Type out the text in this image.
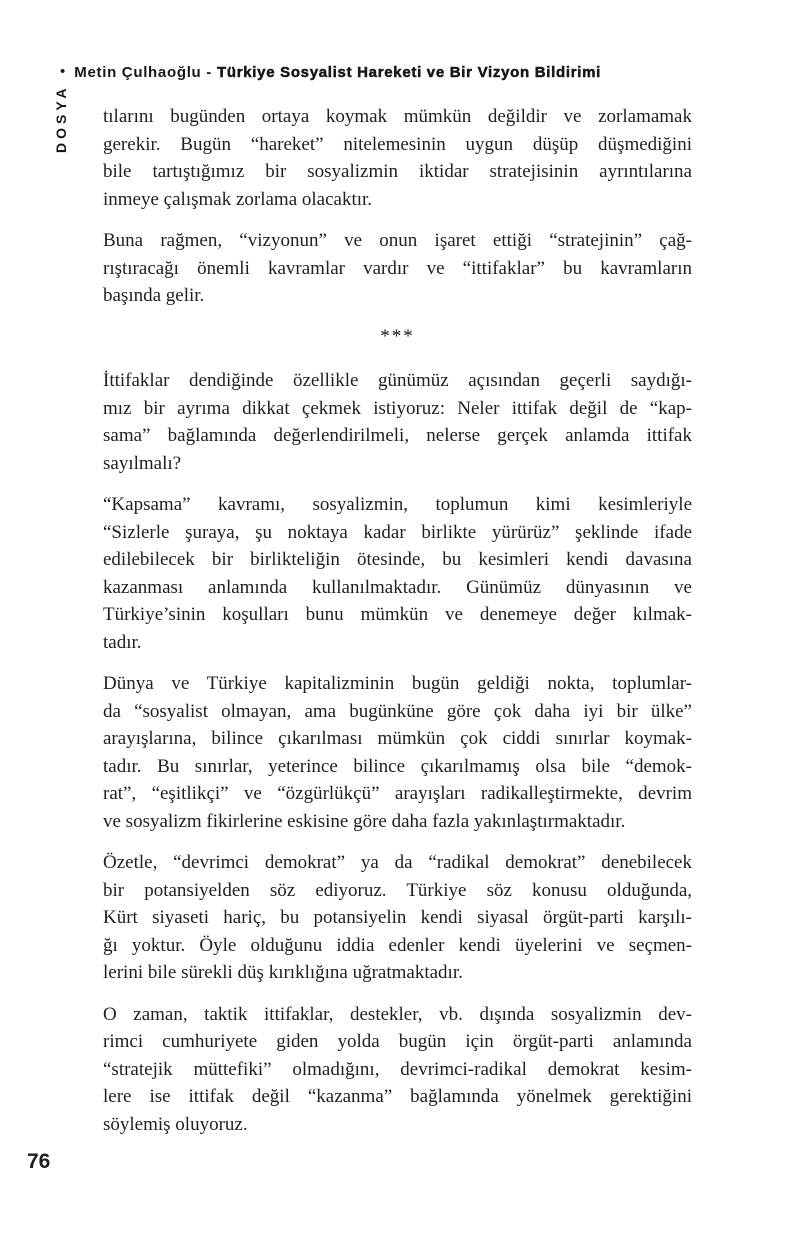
• Metin Çulhaoğlu - Türkiye Sosyalist Hareketi ve Bir Vizyon Bildirimi
DOSYA tılarını bugünden ortaya koymak mümkün değildir ve zorlamamak
gerekir. Bugün “hareket” nitelemesinin uygun düşüp düşmediğini
bile tartıştığımız bir sosyalizmin iktidar stratejisinin ayrıntılarına
inmeye çalışmak zorlama olacaktır.
Buna rağmen, “vizyonun” ve onun işaret ettiği “stratejinin” çağ-
rıştıracağı önemli kavramlar vardır ve “ittifaklar” bu kavramların
başında gelir.
***
İttifaklar dendiğinde özellikle günümüz açısından geçerli saydığı-
mız bir ayrıma dikkat çekmek istiyoruz: Neler ittifak değil de “kap-
sama” bağlamında değerlendirilmeli, nelerse gerçek anlamda ittifak
sayılmalı?
“Kapsama” kavramı, sosyalizmin, toplumun kimi kesimleriyle
“Sizlerle şuraya, şu noktaya kadar birlikte yürürüz” şeklinde ifade
edilebilecek bir birlikteliğin ötesinde, bu kesimleri kendi davasına
kazanması anlamında kullanılmaktadır. Günümüz dünyasının ve
Türkiye’sinin koşulları bunu mümkün ve denemeye değer kılmak-
tadır.
Dünya ve Türkiye kapitalizminin bugün geldiği nokta, toplumlar-
da “sosyalist olmayan, ama bugünküne göre çok daha iyi bir ülke”
arayışlarına, bilince çıkarılması mümkün çok ciddi sınırlar koymak-
tadır. Bu sınırlar, yeterince bilince çıkarılmamış olsa bile “demok-
rat”, “eşitlikçi” ve “özgürlükçü” arayışları radikalleştirmekte, devrim
ve sosyalizm fikirlerine eskisine göre daha fazla yakınlaştırmaktadır.
Özetle, “devrimci demokrat” ya da “radikal demokrat” denebilecek
bir potansiyelden söz ediyoruz. Türkiye söz konusu olduğunda,
Kürt siyaseti hariç, bu potansiyelin kendi siyasal örgüt-parti karşılı-
ğı yoktur. Öyle olduğunu iddia edenler kendi üyelerini ve seçmen-
lerini bile sürekli düş kırıklığına uğratmaktadır.
O zaman, taktik ittifaklar, destekler, vb. dışında sosyalizmin dev-
rimci cumhuriyete giden yolda bugün için örgüt-parti anlamında
“stratejik müttefiki” olmadığını, devrimci-radikal demokrat kesim-
lere ise ittifak değil “kazanma” bağlamında yönelmek gerektiğini
söylemiş oluyoruz.
76
